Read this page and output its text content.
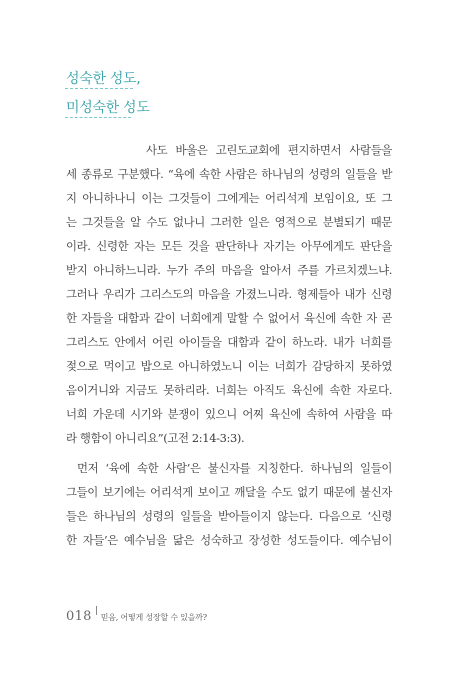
성숙한 성도,
미성숙한 성도
사도 바울은 고린도교회에 편지하면서 사람들을
세 종류로 구분했다. “육에 속한 사람은 하나님의 성령의 일들을 받
지 아니하나니 이는 그것들이 그에게는 어리석게 보임이요, 또 그
는 그것들을 알 수도 없나니 그러한 일은 영적으로 분별되기 때문
이라. 신령한 자는 모든 것을 판단하나 자기는 아무에게도 판단을
받지 아니하느니라. 누가 주의 마음을 알아서 주를 가르치겠느냐.
그러나 우리가 그리스도의 마음을 가졌느니라. 형제들아 내가 신령
한 자들을 대함과 같이 너희에게 말할 수 없어서 육신에 속한 자 곧
그리스도 안에서 어린 아이들을 대함과 같이 하노라. 내가 너희를
젖으로 먹이고 밥으로 아니하였노니 이는 너희가 감당하지 못하였
음이거니와 지금도 못하리라. 너희는 아직도 육신에 속한 자로다.
너희 가운데 시기와 분쟁이 있으니 어찌 육신에 속하여 사람을 따
라 행함이 아니리요”(고전 2:14-3:3).
먼저 ‘육에 속한 사람’은 불신자를 지칭한다. 하나님의 일들이
그들이 보기에는 어리석게 보이고 깨달을 수도 없기 때문에 불신자
들은 하나님의 성령의 일들을 받아들이지 않는다. 다음으로 ‘신령
한 자들’은 예수님을 닮은 성숙하고 장성한 성도들이다. 예수님이
018 믿음, 어떻게 성장할 수 있을까?
